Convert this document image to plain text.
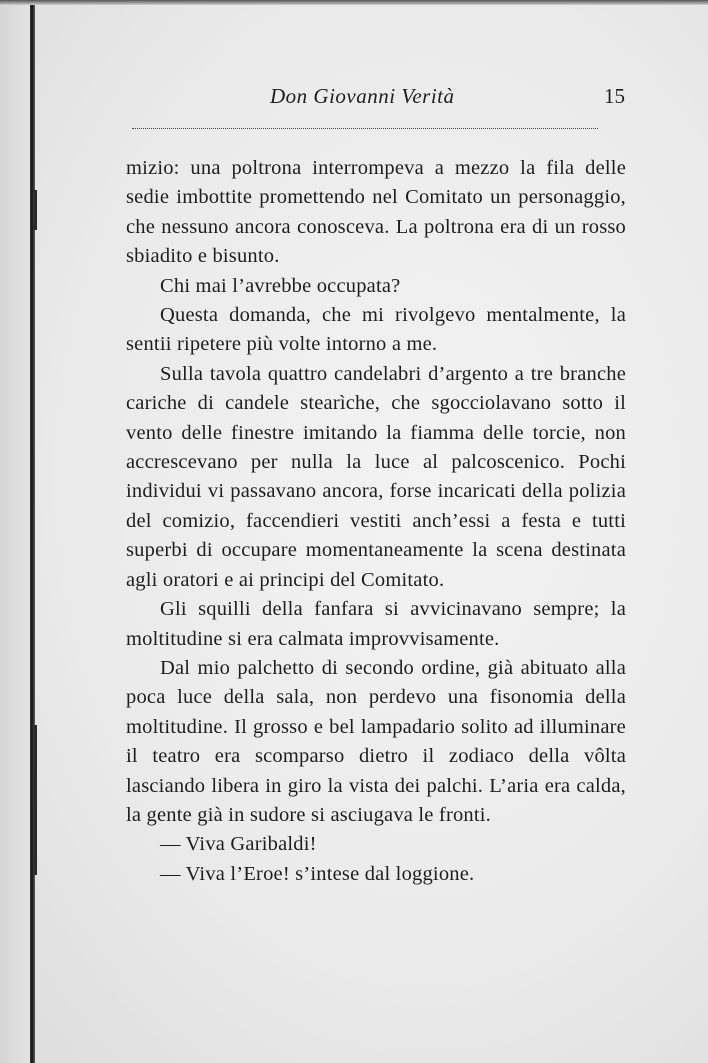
Don Giovanni Verità	15

mizio: una poltrona interrompeva a mezzo la fila delle sedie imbottite promettendo nel Comitato un personaggio, che nessuno ancora conosceva. La poltrona era di un rosso sbiadito e bisunto.

Chi mai l’avrebbe occupata?

Questa domanda, che mi rivolgevo mentalmente, la sentii ripetere più volte intorno a me.

Sulla tavola quattro candelabri d’argento a tre branche cariche di candele stearìche, che sgocciolavano sotto il vento delle finestre imitando la fiamma delle torcie, non accrescevano per nulla la luce al palcoscenico. Pochi individui vi passavano ancora, forse incaricati della polizia del comizio, faccendieri vestiti anch’essi a festa e tutti superbi di occupare momentaneamente la scena destinata agli oratori e ai principi del Comitato.

Gli squilli della fanfara si avvicinavano sempre; la moltitudine si era calmata improvvisamente.

Dal mio palchetto di secondo ordine, già abituato alla poca luce della sala, non perdevo una fisonomia della moltitudine. Il grosso e bel lampadario solito ad illuminare il teatro era scomparso dietro il zodiaco della vôlta lasciando libera in giro la vista dei palchi. L’aria era calda, la gente già in sudore si asciugava le fronti.

— Viva Garibaldi!

— Viva l’Eroe! s’intese dal loggione.
